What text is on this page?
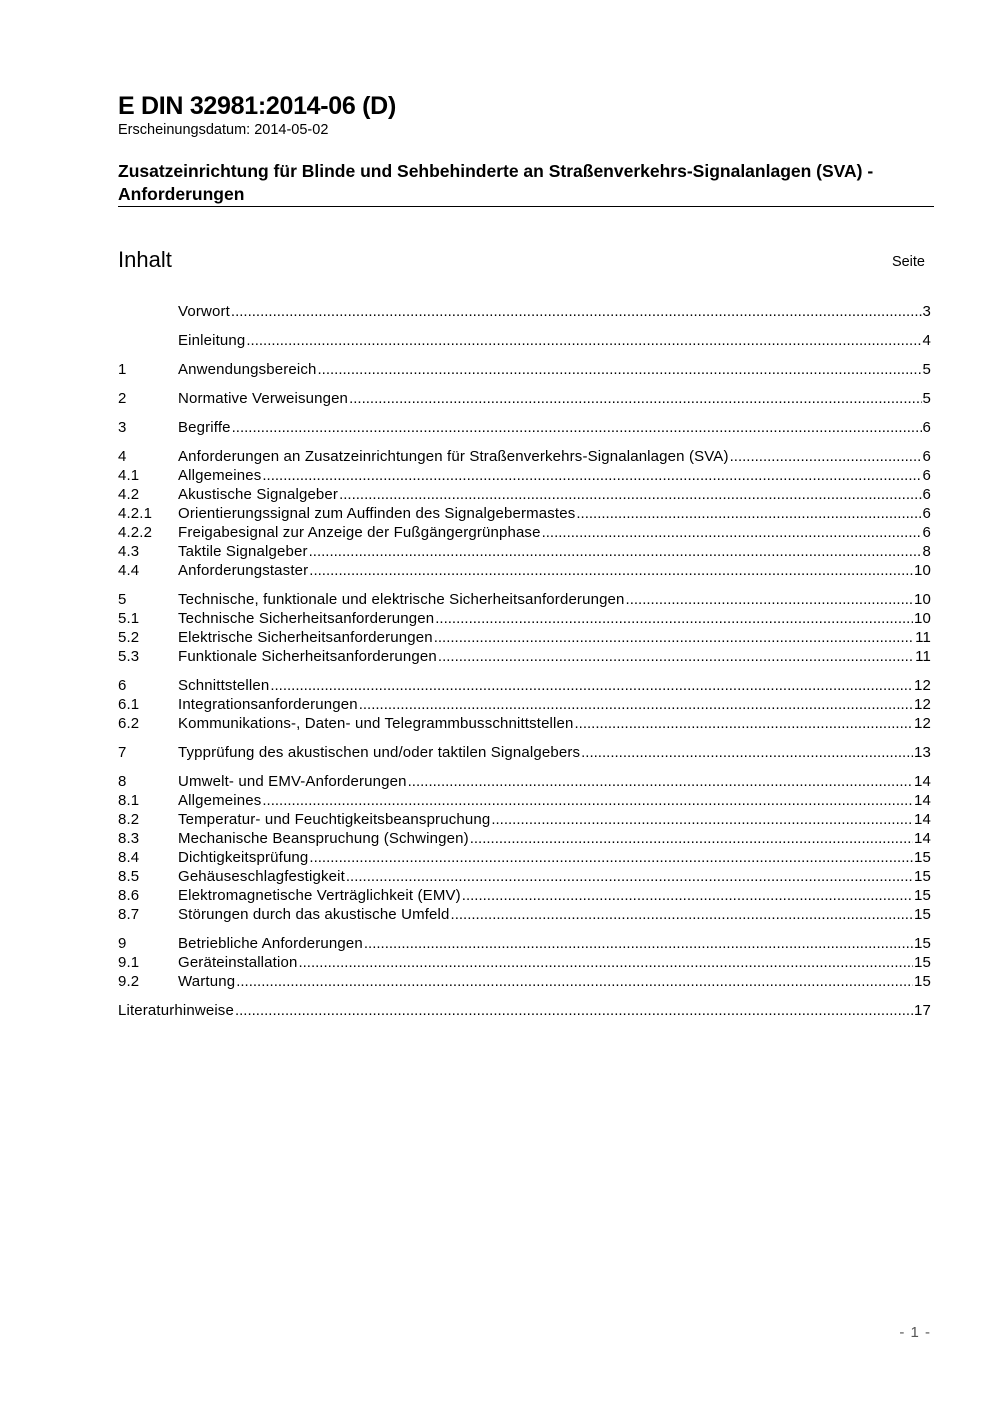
E DIN 32981:2014-06 (D)
Erscheinungsdatum: 2014-05-02
Zusatzeinrichtung für Blinde und Sehbehinderte an Straßenverkehrs-Signalanlagen (SVA) - Anforderungen
Inhalt	Seite
Vorwort .....	3
Einleitung .....	4
1	Anwendungsbereich .....	5
2	Normative Verweisungen .....	5
3	Begriffe .....	6
4	Anforderungen an Zusatzeinrichtungen für Straßenverkehrs-Signalanlagen (SVA) .....	6
4.1	Allgemeines .....	6
4.2	Akustische Signalgeber .....	6
4.2.1	Orientierungssignal zum Auffinden des Signalgebermastes .....	6
4.2.2	Freigabesignal zur Anzeige der Fußgängergrünphase .....	6
4.3	Taktile Signalgeber .....	8
4.4	Anforderungstaster .....	10
5	Technische, funktionale und elektrische Sicherheitsanforderungen .....	10
5.1	Technische Sicherheitsanforderungen .....	10
5.2	Elektrische Sicherheitsanforderungen .....	11
5.3	Funktionale Sicherheitsanforderungen .....	11
6	Schnittstellen .....	12
6.1	Integrationsanforderungen .....	12
6.2	Kommunikations-, Daten- und Telegrammbusschnittstellen .....	12
7	Typprüfung des akustischen und/oder taktilen Signalgebers .....	13
8	Umwelt- und EMV-Anforderungen .....	14
8.1	Allgemeines .....	14
8.2	Temperatur- und Feuchtigkeitsbeanspruchung .....	14
8.3	Mechanische Beanspruchung (Schwingen) .....	14
8.4	Dichtigkeitsprüfung .....	15
8.5	Gehäuseschlagfestigkeit .....	15
8.6	Elektromagnetische Verträglichkeit (EMV) .....	15
8.7	Störungen durch das akustische Umfeld .....	15
9	Betriebliche Anforderungen .....	15
9.1	Geräteinstallation .....	15
9.2	Wartung .....	15
Literaturhinweise .....	17
- 1 -
